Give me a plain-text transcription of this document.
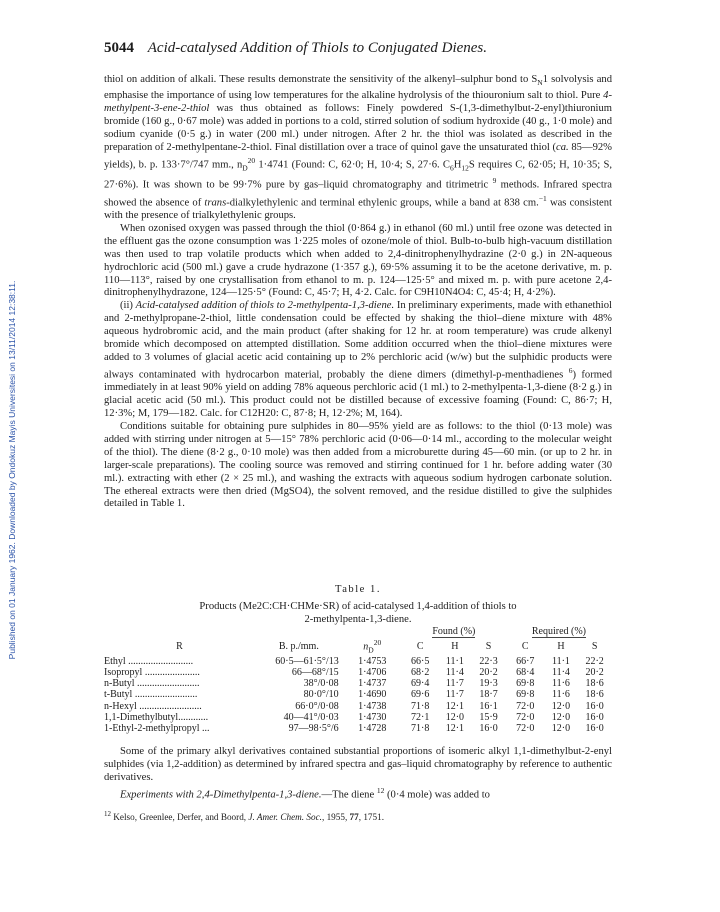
Published on 01 January 1962. Downloaded by Ondokuz Mayis Universitesi on 13/11/2014 12:38:11.
5044 Acid-catalysed Addition of Thiols to Conjugated Dienes.

thiol on addition of alkali. These results demonstrate the sensitivity of the alkenyl–sulphur bond to $S_N1$ solvolysis and emphasise the importance of using low temperatures for the alkaline hydrolysis of the thiouronium salt to thiol. Pure 4-methylpent-3-ene-2-thiol was thus obtained as follows: Finely powdered S-(1,3-dimethylbut-2-enyl)thiuronium bromide (160 g., 0·67 mole) was added in portions to a cold, stirred solution of sodium hydroxide (40 g., 1·0 mole) and sodium cyanide (0·5 g.) in water (200 ml.) under nitrogen. After 2 hr. the thiol was isolated as described in the preparation of 2-methylpentane-2-thiol. Final distillation over a trace of quinol gave the unsaturated thiol (ca. 85—92% yields), b. p. 133·7°/747 mm., $n_D^{20}$ 1·4741 (Found: C, 62·0; H, 10·4; S, 27·6. $C_6H_{12}S$ requires C, 62·05; H, 10·35; S, 27·6%). It was shown to be 99·7% pure by gas–liquid chromatography and titrimetric $^9$ methods. Infrared spectra showed the absence of trans-dialkylethylenic and terminal ethylenic groups, while a band at 838 cm.$^{-1}$ was consistent with the presence of trialkylethylenic groups.

When ozonised oxygen was passed through the thiol (0·864 g.) in ethanol (60 ml.) until free ozone was detected in the effluent gas the ozone consumption was 1·225 moles of ozone/mole of thiol. Bulb-to-bulb high-vacuum distillation was then used to trap volatile products which when added to 2,4-dinitrophenylhydrazine (2·0 g.) in 2N-aqueous hydrochloric acid (500 ml.) gave a crude hydrazone (1·357 g.), 69·5% assuming it to be the acetone derivative, m. p. 110—113°, raised by one crystallisation from ethanol to m. p. 124—125·5° and mixed m. p. with pure acetone 2,4-dinitrophenylhydrazone, 124—125·5° (Found: C, 45·7; H, 4·2. Calc. for C9H10N4O4: C, 45·4; H, 4·2%).

(ii) Acid-catalysed addition of thiols to 2-methylpenta-1,3-diene. In preliminary experiments, made with ethanethiol and 2-methylpropane-2-thiol, little condensation could be effected by shaking the thiol–diene mixture with 48% aqueous hydrobromic acid, and the main product (after shaking for 12 hr. at room temperature) was crude alkenyl bromide which decomposed on attempted distillation. Some addition occurred when the thiol–diene mixtures were added to 3 volumes of glacial acetic acid containing up to 2% perchloric acid (w/w) but the sulphidic products were always contaminated with hydrocarbon material, probably the diene dimers (dimethyl-p-menthadienes $^6$) formed immediately in at least 90% yield on adding 78% aqueous perchloric acid (1 ml.) to 2-methylpenta-1,3-diene (8·2 g.) in glacial acetic acid (50 ml.). This product could not be distilled because of excessive foaming (Found: C, 86·7; H, 12·3%; M, 179—182. Calc. for C12H20: C, 87·8; H, 12·2%; M, 164).

Conditions suitable for obtaining pure sulphides in 80—95% yield are as follows: to the thiol (0·13 mole) was added with stirring under nitrogen at 5—15° 78% perchloric acid (0·06—0·14 ml., according to the molecular weight of the thiol). The diene (8·2 g., 0·10 mole) was then added from a microburette during 45—60 min. (or up to 2 hr. in larger-scale preparations). The cooling source was removed and stirring continued for 1 hr. before adding water (30 ml.). extracting with ether (2 × 25 ml.), and washing the extracts with aqueous sodium hydrogen carbonate solution. The ethereal extracts were then dried (MgSO4), the solvent removed, and the residue distilled to give the sulphides detailed in Table 1.

Table 1.
Products (Me2C:CH·CHMe·SR) of acid-catalysed 1,4-addition of thiols to
2-methylpenta-1,3-diene.
			Found (%)			Required (%)		
R	B. p./mm.	$n_D^{20}$	C	H	S	C	H	S
Ethyl ..........................	60·5—61·5°/13	1·4753	66·5	11·1	22·3	66·7	11·1	22·2
Isopropyl ......................	66—68°/15	1·4706	68·2	11·4	20·2	68·4	11·4	20·2
n-Butyl .........................	38°/0·08	1·4737	69·4	11·7	19·3	69·8	11·6	18·6
t-Butyl .........................	80·0°/10	1·4690	69·6	11·7	18·7	69·8	11·6	18·6
n-Hexyl .........................	66·0°/0·08	1·4738	71·8	12·1	16·1	72·0	12·0	16·0
1,1-Dimethylbutyl............	40—41°/0·03	1·4730	72·1	12·0	15·9	72·0	12·0	16·0
1-Ethyl-2-methylpropyl ...	97—98·5°/6	1·4728	71·8	12·1	16·0	72·0	12·0	16·0

Some of the primary alkyl derivatives contained substantial proportions of isomeric alkyl 1,1-dimethylbut-2-enyl sulphides (via 1,2-addition) as determined by infrared spectra and gas–liquid chromatography by reference to authentic derivatives.

Experiments with 2,4-Dimethylpenta-1,3-diene.—The diene $^{12}$ (0·4 mole) was added to

$^{12}$ Kelso, Greenlee, Derfer, and Boord, J. Amer. Chem. Soc., 1955, 77, 1751.
